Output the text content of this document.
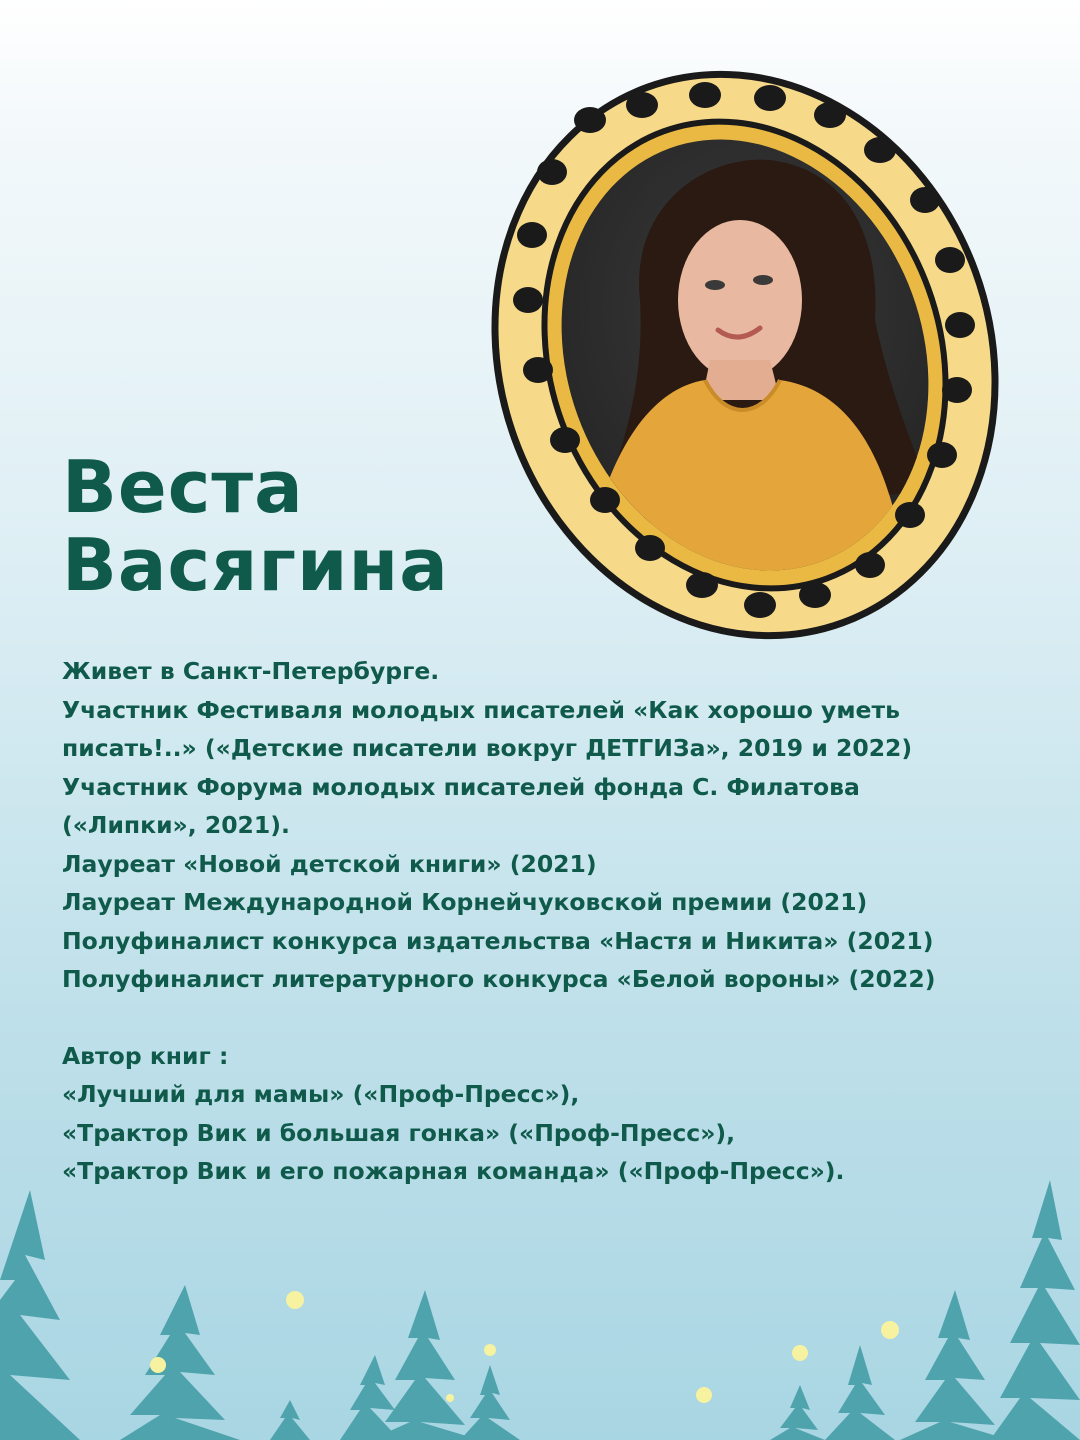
Веста
Васягина
Живет в Санкт-Петербурге.
Участник Фестиваля молодых писателей «Как хорошо уметь
писать!..» («Детские писатели вокруг ДЕТГИЗа», 2019 и 2022)
Участник Форума молодых писателей фонда С. Филатова
(«Липки», 2021).
Лауреат «Новой детской книги» (2021)
Лауреат Международной Корнейчуковской премии (2021)
Полуфиналист конкурса издательства «Настя и Никита» (2021)
Полуфиналист литературного конкурса «Белой вороны» (2022)
Автор книг :
«Лучший для мамы» («Проф-Пресс»),
«Трактор Вик и большая гонка» («Проф-Пресс»),
«Трактор Вик и его пожарная команда» («Проф-Пресс»).
